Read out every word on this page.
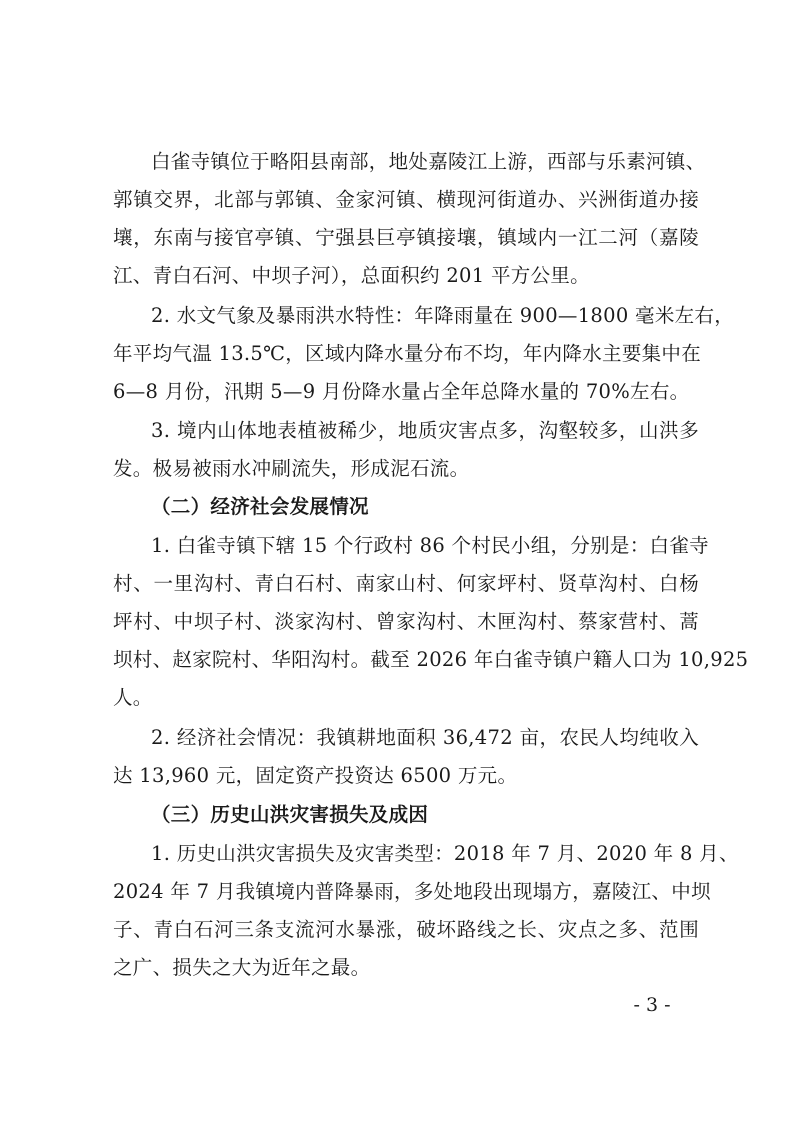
白雀寺镇位于略阳县南部，地处嘉陵江上游，西部与乐素河镇、
郭镇交界，北部与郭镇、金家河镇、横现河街道办、兴洲街道办接
壤，东南与接官亭镇、宁强县巨亭镇接壤，镇域内一江二河（嘉陵
江、青白石河、中坝子河），总面积约 201 平方公里。
2. 水文气象及暴雨洪水特性：年降雨量在 900—1800 毫米左右，
年平均气温 13.5℃，区域内降水量分布不均，年内降水主要集中在
6—8 月份，汛期 5—9 月份降水量占全年总降水量的 70%左右。
3. 境内山体地表植被稀少，地质灾害点多，沟壑较多，山洪多
发。极易被雨水冲刷流失，形成泥石流。
（二）经济社会发展情况
1. 白雀寺镇下辖 15 个行政村 86 个村民小组，分别是：白雀寺
村、一里沟村、青白石村、南家山村、何家坪村、贤草沟村、白杨
坪村、中坝子村、淡家沟村、曾家沟村、木匣沟村、蔡家营村、蒿
坝村、赵家院村、华阳沟村。截至 2026 年白雀寺镇户籍人口为 10,925
人。
2. 经济社会情况：我镇耕地面积 36,472 亩，农民人均纯收入
达 13,960 元，固定资产投资达 6500 万元。
（三）历史山洪灾害损失及成因
1. 历史山洪灾害损失及灾害类型：2018 年 7 月、2020 年 8 月、
2024 年 7 月我镇境内普降暴雨，多处地段出现塌方，嘉陵江、中坝
子、青白石河三条支流河水暴涨，破坏路线之长、灾点之多、范围
之广、损失之大为近年之最。
- 3 -
